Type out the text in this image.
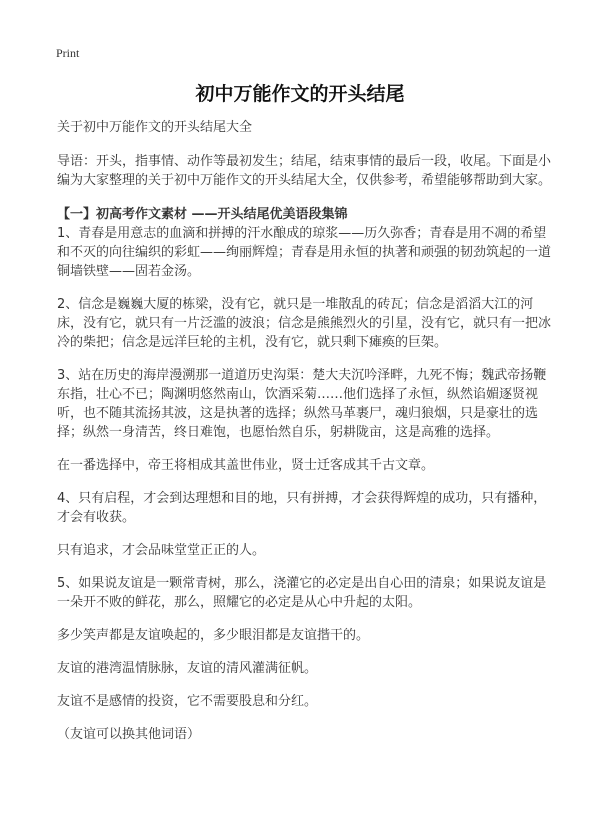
Print
初中万能作文的开头结尾

关于初中万能作文的开头结尾大全

导语：开头，指事情、动作等最初发生；结尾，结束事情的最后一段，收尾。下面是小编为大家整理的关于初中万能作文的开头结尾大全，仅供参考，希望能够帮助到大家。

【一】初高考作文素材 ——开头结尾优美语段集锦

1、青春是用意志的血滴和拼搏的汗水酿成的琼浆——历久弥香；青春是用不凋的希望和不灭的向往编织的彩虹——绚丽辉煌；青春是用永恒的执著和顽强的韧劲筑起的一道铜墙铁壁——固若金汤。

2、信念是巍巍大厦的栋梁，没有它，就只是一堆散乱的砖瓦；信念是滔滔大江的河床，没有它，就只有一片泛滥的波浪；信念是熊熊烈火的引星，没有它，就只有一把冰冷的柴把；信念是远洋巨轮的主机，没有它，就只剩下瘫痪的巨架。

3、站在历史的海岸漫溯那一道道历史沟渠：楚大夫沉吟泽畔，九死不悔；魏武帝扬鞭东指，壮心不已；陶渊明悠然南山，饮酒采菊……他们选择了永恒，纵然谄媚逐贤视听，也不随其流扬其波，这是执著的选择；纵然马革裹尸，魂归狼烟，只是豪壮的选择；纵然一身清苦，终日难饱，也愿怡然自乐，躬耕陇亩，这是高雅的选择。

在一番选择中，帝王将相成其盖世伟业，贤士迁客成其千古文章。

4、只有启程，才会到达理想和目的地，只有拼搏，才会获得辉煌的成功，只有播种，才会有收获。

只有追求，才会品味堂堂正正的人。

5、如果说友谊是一颗常青树，那么，浇灌它的必定是出自心田的清泉；如果说友谊是一朵开不败的鲜花，那么，照耀它的必定是从心中升起的太阳。

多少笑声都是友谊唤起的，多少眼泪都是友谊揩干的。

友谊的港湾温情脉脉，友谊的清风灌满征帆。

友谊不是感情的投资，它不需要股息和分红。

（友谊可以换其他词语）
